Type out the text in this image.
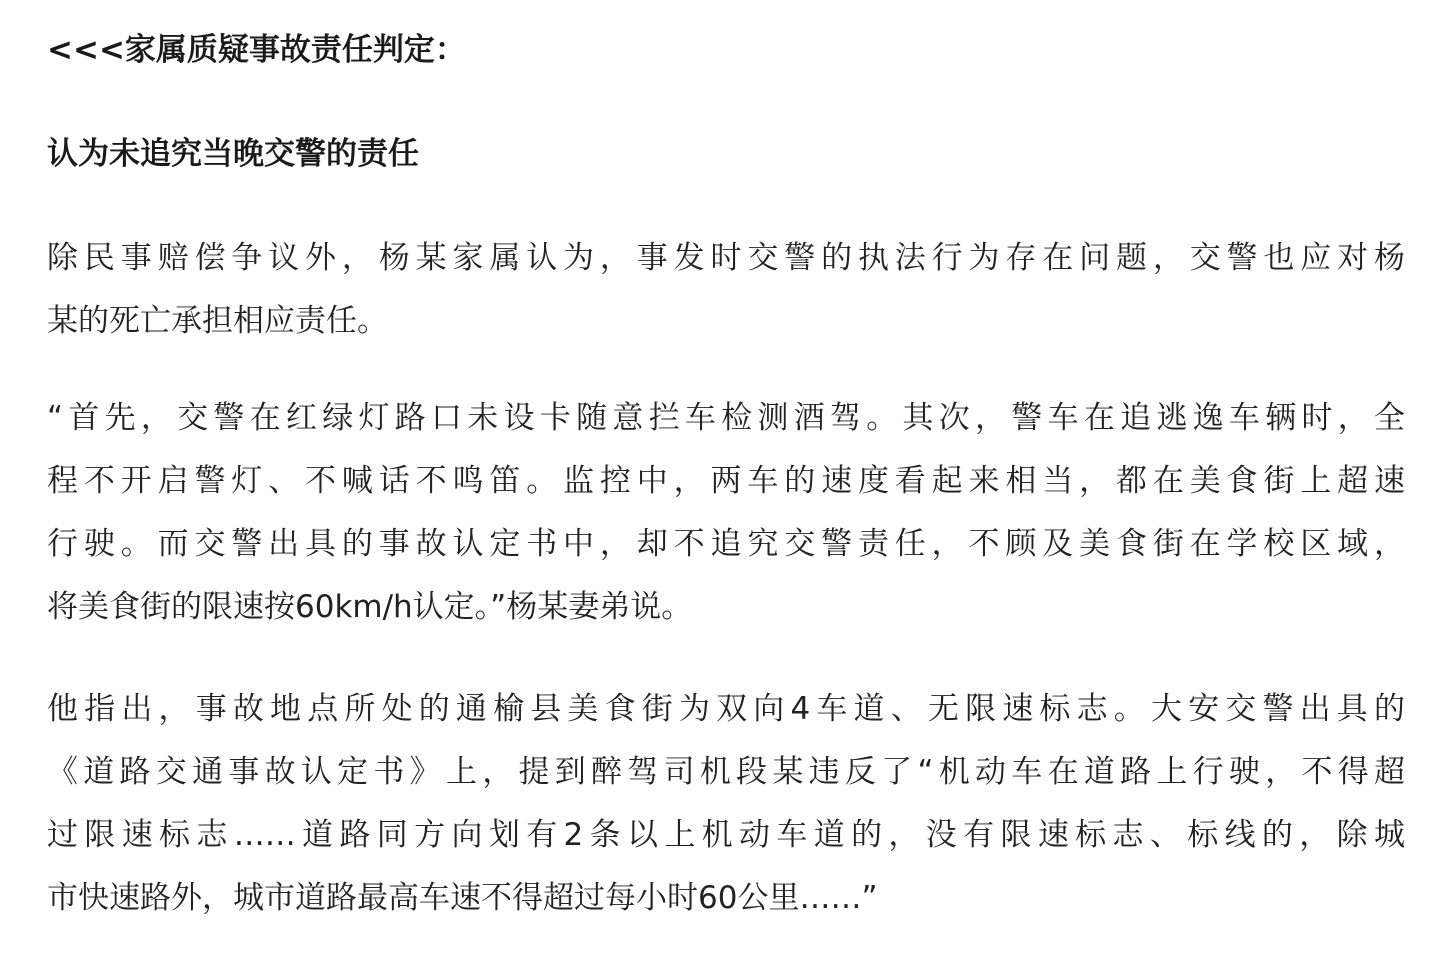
<<<家属质疑事故责任判定：
认为未追究当晚交警的责任
除民事赔偿争议外，杨某家属认为，事发时交警的执法行为存在问题，交警也应对杨
某的死亡承担相应责任。
“首先，交警在红绿灯路口未设卡随意拦车检测酒驾。其次，警车在追逃逸车辆时，全
程不开启警灯、不喊话不鸣笛。监控中，两车的速度看起来相当，都在美食街上超速
行驶。而交警出具的事故认定书中，却不追究交警责任，不顾及美食街在学校区域，
将美食街的限速按60km/h认定。”杨某妻弟说。
他指出，事故地点所处的通榆县美食街为双向4车道、无限速标志。大安交警出具的
《道路交通事故认定书》上，提到醉驾司机段某违反了“机动车在道路上行驶，不得超
过限速标志……道路同方向划有2条以上机动车道的，没有限速标志、标线的，除城
市快速路外，城市道路最高车速不得超过每小时60公里……”
